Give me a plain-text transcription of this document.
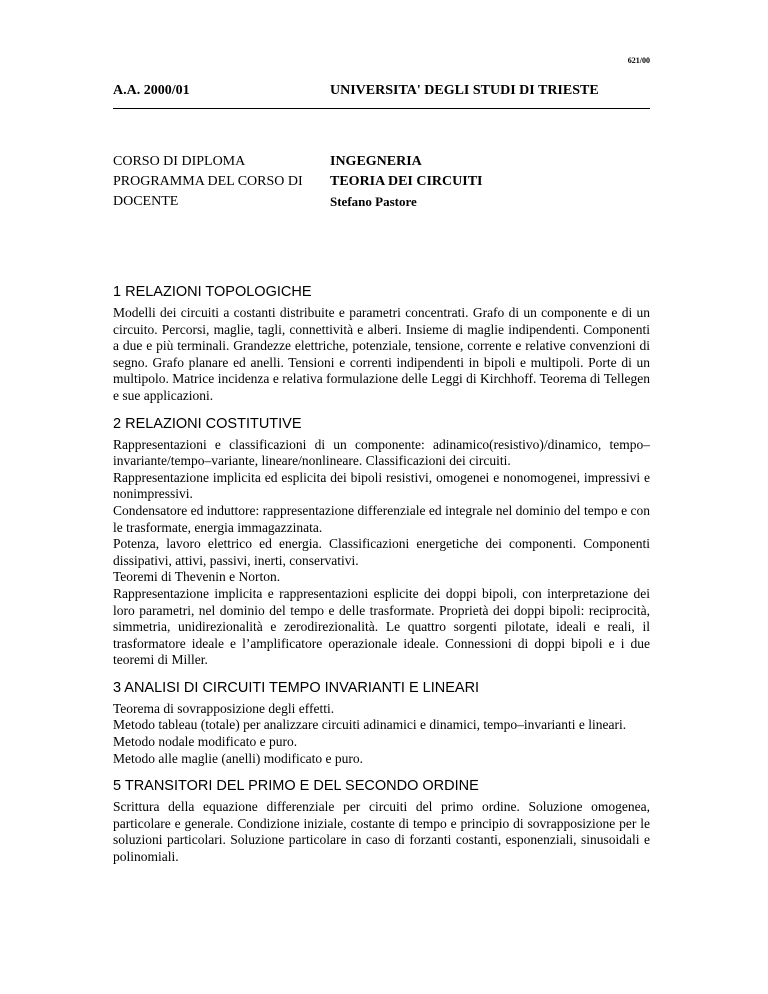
621/00
A.A. 2000/01	UNIVERSITA' DEGLI STUDI DI TRIESTE
CORSO DI DIPLOMA
PROGRAMMA DEL CORSO DI
DOCENTE
INGEGNERIA
TEORIA DEI CIRCUITI
Stefano Pastore
1 RELAZIONI TOPOLOGICHE

Modelli dei circuiti a costanti distribuite e parametri concentrati. Grafo di un componente e di un circuito. Percorsi, maglie, tagli, connettività e alberi. Insieme di maglie indipendenti. Componenti a due e più terminali. Grandezze elettriche, potenziale, tensione, corrente e relative convenzioni di segno. Grafo planare ed anelli. Tensioni e correnti indipendenti in bipoli e multipoli. Porte di un multipolo. Matrice incidenza e relativa formulazione delle Leggi di Kirchhoff. Teorema di Tellegen e sue applicazioni.

2 RELAZIONI COSTITUTIVE

Rappresentazioni e classificazioni di un componente: adinamico(resistivo)/dinamico, tempo–invariante/tempo–variante, lineare/nonlineare. Classificazioni dei circuiti.

Rappresentazione implicita ed esplicita dei bipoli resistivi, omogenei e nonomogenei, impressivi e nonimpressivi.

Condensatore ed induttore: rappresentazione differenziale ed integrale nel dominio del tempo e con le trasformate, energia immagazzinata.

Potenza, lavoro elettrico ed energia. Classificazioni energetiche dei componenti. Componenti dissipativi, attivi, passivi, inerti, conservativi.

Teoremi di Thevenin e Norton.

Rappresentazione implicita e rappresentazioni esplicite dei doppi bipoli, con interpretazione dei loro parametri, nel dominio del tempo e delle trasformate. Proprietà dei doppi bipoli: reciprocità, simmetria, unidirezionalità e zerodirezionalità. Le quattro sorgenti pilotate, ideali e reali, il trasformatore ideale e l’amplificatore operazionale ideale. Connessioni di doppi bipoli e i due teoremi di Miller.

3 ANALISI DI CIRCUITI TEMPO INVARIANTI E LINEARI

Teorema di sovrapposizione degli effetti.

Metodo tableau (totale) per analizzare circuiti adinamici e dinamici, tempo–invarianti e lineari.

Metodo nodale modificato e puro.

Metodo alle maglie (anelli) modificato e puro.

5 TRANSITORI DEL PRIMO E DEL SECONDO ORDINE

Scrittura della equazione differenziale per circuiti del primo ordine. Soluzione omogenea, particolare e generale. Condizione iniziale, costante di tempo e principio di sovrapposizione per le soluzioni particolari. Soluzione particolare in caso di forzanti costanti, esponenziali, sinusoidali e polinomiali.
